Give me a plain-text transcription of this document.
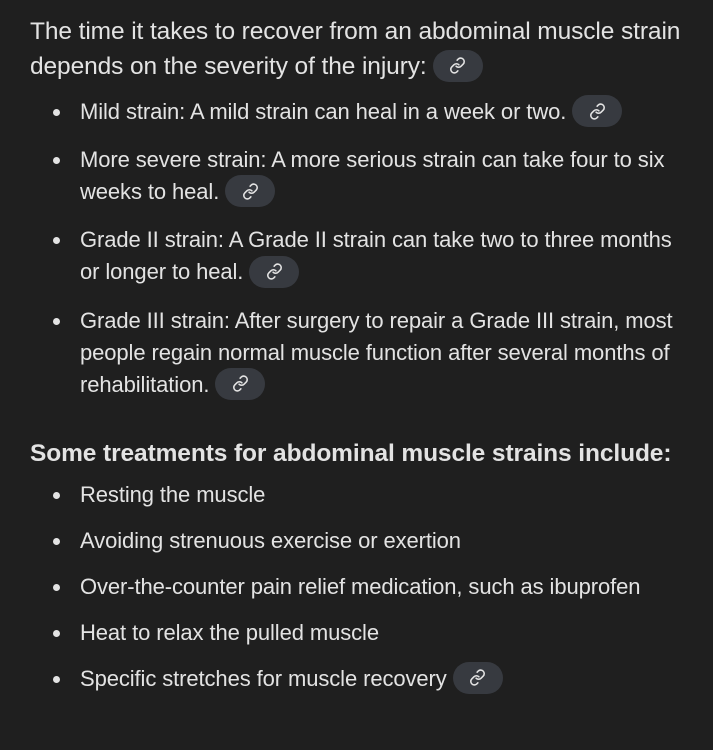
The time it takes to recover from an abdominal muscle strain depends on the severity of the injury:

Mild strain: A mild strain can heal in a week or two.
More severe strain: A more serious strain can take four to six weeks to heal.
Grade II strain: A Grade II strain can take two to three months or longer to heal.
Grade III strain: After surgery to repair a Grade III strain, most people regain normal muscle function after several months of rehabilitation.

Some treatments for abdominal muscle strains include:

Resting the muscle
Avoiding strenuous exercise or exertion
Over-the-counter pain relief medication, such as ibuprofen
Heat to relax the pulled muscle
Specific stretches for muscle recovery
